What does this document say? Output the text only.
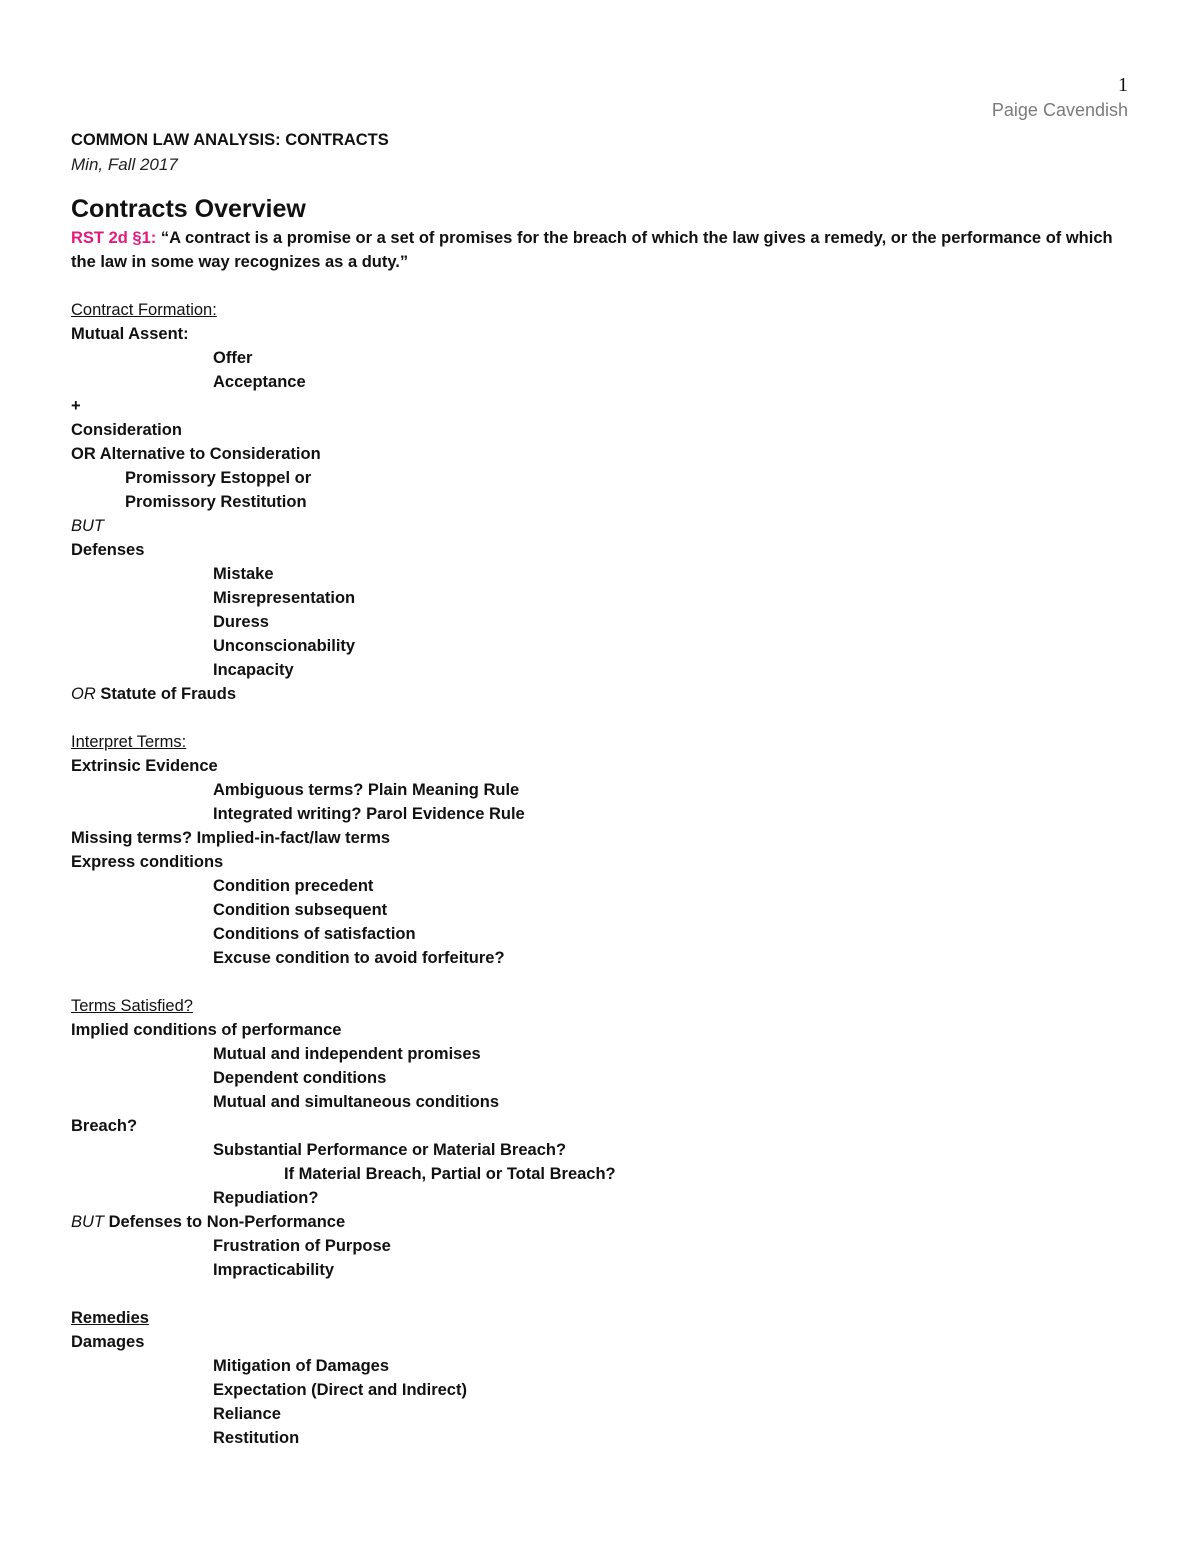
1
Paige Cavendish
COMMON LAW ANALYSIS: CONTRACTS
Min, Fall 2017
Contracts Overview
RST 2d §1: “A contract is a promise or a set of promises for the breach of which the law gives a remedy, or the performance of which the law in some way recognizes as a duty.”
Contract Formation:
Mutual Assent:
Offer
Acceptance
+
Consideration
OR Alternative to Consideration
Promissory Estoppel or
Promissory Restitution
BUT
Defenses
Mistake
Misrepresentation
Duress
Unconscionability
Incapacity
OR Statute of Frauds
Interpret Terms:
Extrinsic Evidence
Ambiguous terms? Plain Meaning Rule
Integrated writing? Parol Evidence Rule
Missing terms? Implied-in-fact/law terms
Express conditions
Condition precedent
Condition subsequent
Conditions of satisfaction
Excuse condition to avoid forfeiture?
Terms Satisfied?
Implied conditions of performance
Mutual and independent promises
Dependent conditions
Mutual and simultaneous conditions
Breach?
Substantial Performance or Material Breach?
If Material Breach, Partial or Total Breach?
Repudiation?
BUT Defenses to Non-Performance
Frustration of Purpose
Impracticability
Remedies
Damages
Mitigation of Damages
Expectation (Direct and Indirect)
Reliance
Restitution
